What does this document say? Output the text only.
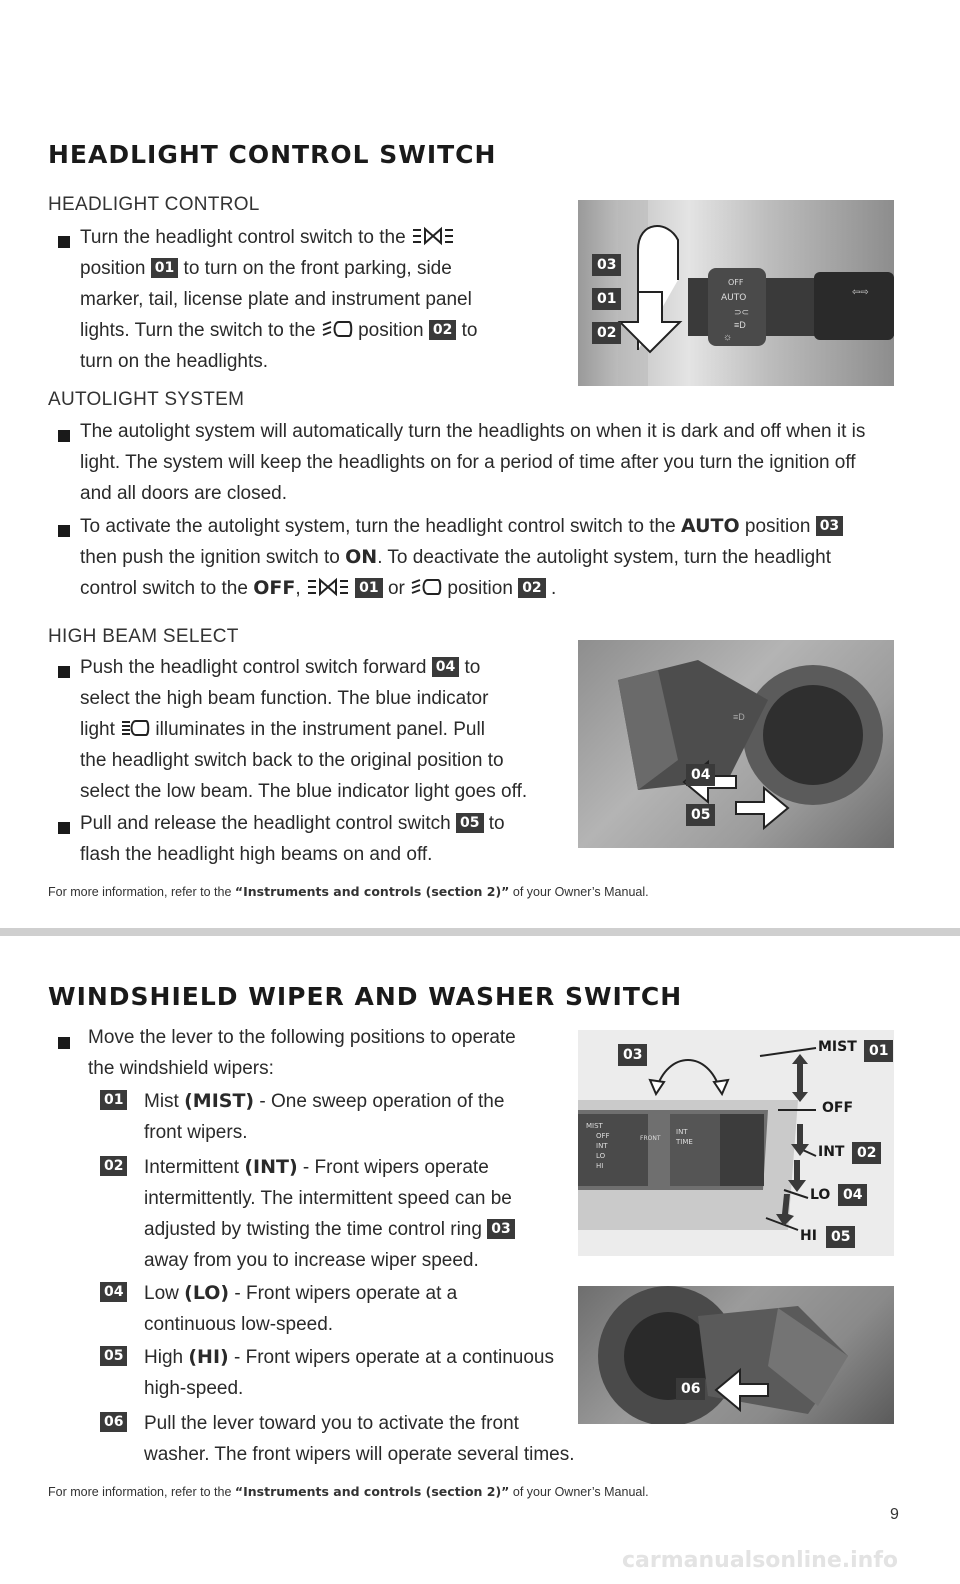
HEADLIGHT CONTROL SWITCH
HEADLIGHT CONTROL
Turn the headlight control switch to the
position 01 to turn on the front parking, side
marker, tail, license plate and instrument panel
lights. Turn the switch to the position 02 to
turn on the headlights.
OFF
AUTO
⊃⊂
≡D
☼
⇦⇨
03
01
02
AUTOLIGHT SYSTEM
The autolight system will automatically turn the headlights on when it is dark and off when it is
light. The system will keep the headlights on for a period of time after you turn the ignition off
and all doors are closed.
To activate the autolight system, turn the headlight control switch to the AUTO position 03
then push the ignition switch to ON. To deactivate the autolight system, turn the headlight
control switch to the OFF,	01 or position 02 .
HIGH BEAM SELECT
Push the headlight control switch forward 04 to
select the high beam function. The blue indicator
light illuminates in the instrument panel. Pull
the headlight switch back to the original position to
select the low beam. The blue indicator light goes off.
Pull and release the headlight control switch 05 to
flash the headlight high beams on and off.
≡D
04
05
For more information, refer to the “Instruments and controls (section 2)” of your Owner’s Manual.
WINDSHIELD WIPER AND WASHER SWITCH
Move the lever to the following positions to operate
the windshield wipers:
01 Mist (MIST) - One sweep operation of the
front wipers.
02 Intermittent (INT) - Front wipers operate
intermittently. The intermittent speed can be
adjusted by twisting the time control ring 03
away from you to increase wiper speed.
04 Low (LO) - Front wipers operate at a
continuous low-speed.
05 High (HI) - Front wipers operate at a continuous
high-speed.
06 Pull the lever toward you to activate the front
washer. The front wipers will operate several times.
MIST
OFF
INT
LO
HI
FRONT
INT
TIME
03	MIST 01
OFF
INT 02
LO 04
HI	05
06
For more information, refer to the “Instruments and controls (section 2)” of your Owner’s Manual.
9
carmanualsonline.info
